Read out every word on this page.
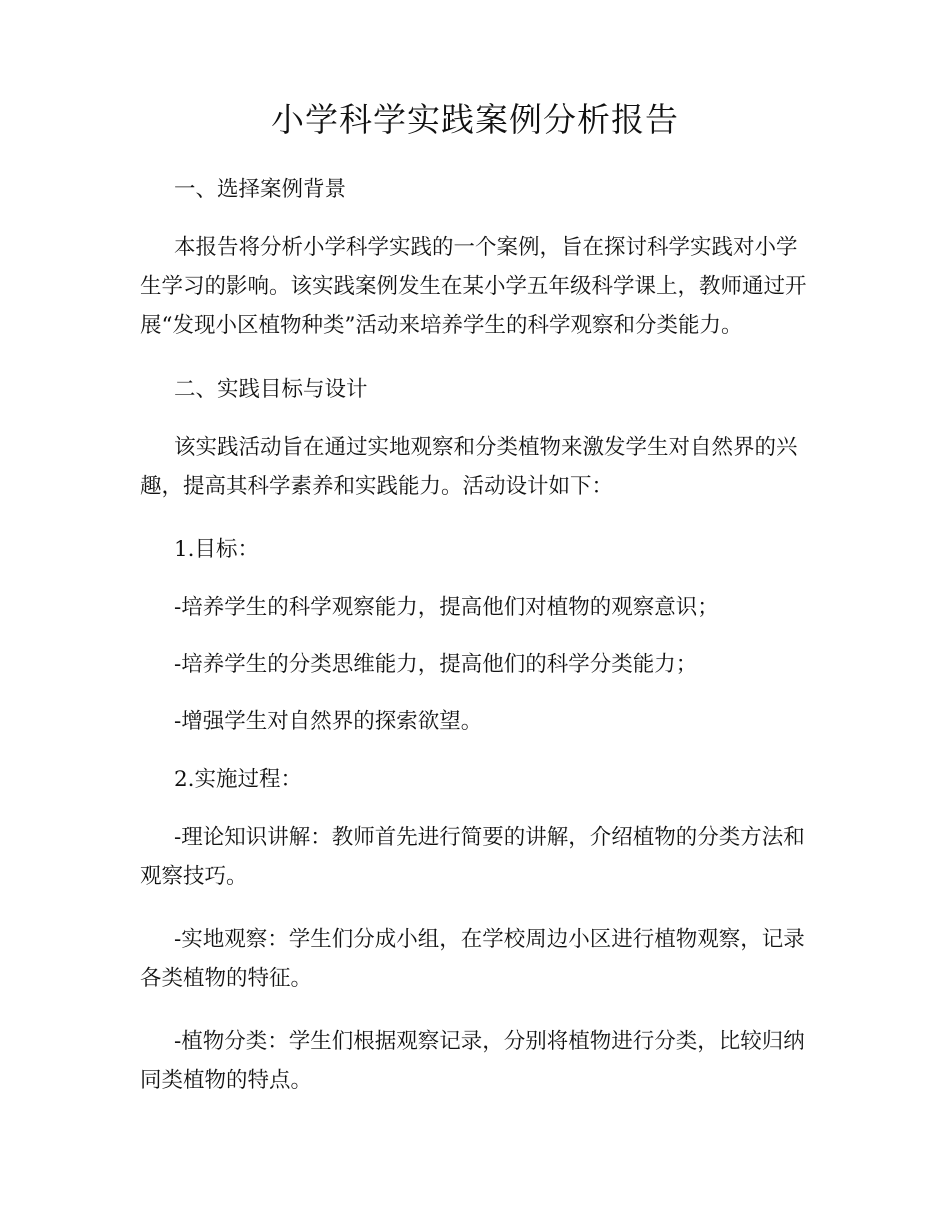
小学科学实践案例分析报告

一、选择案例背景

本报告将分析小学科学实践的一个案例，旨在探讨科学实践对小学生学习的影响。该实践案例发生在某小学五年级科学课上，教师通过开展“发现小区植物种类”活动来培养学生的科学观察和分类能力。

二、实践目标与设计

该实践活动旨在通过实地观察和分类植物来激发学生对自然界的兴趣，提高其科学素养和实践能力。活动设计如下：

1.目标：

-培养学生的科学观察能力，提高他们对植物的观察意识；

-培养学生的分类思维能力，提高他们的科学分类能力；

-增强学生对自然界的探索欲望。

2.实施过程：

-理论知识讲解：教师首先进行简要的讲解，介绍植物的分类方法和观察技巧。

-实地观察：学生们分成小组，在学校周边小区进行植物观察，记录各类植物的特征。

-植物分类：学生们根据观察记录，分别将植物进行分类，比较归纳同类植物的特点。
